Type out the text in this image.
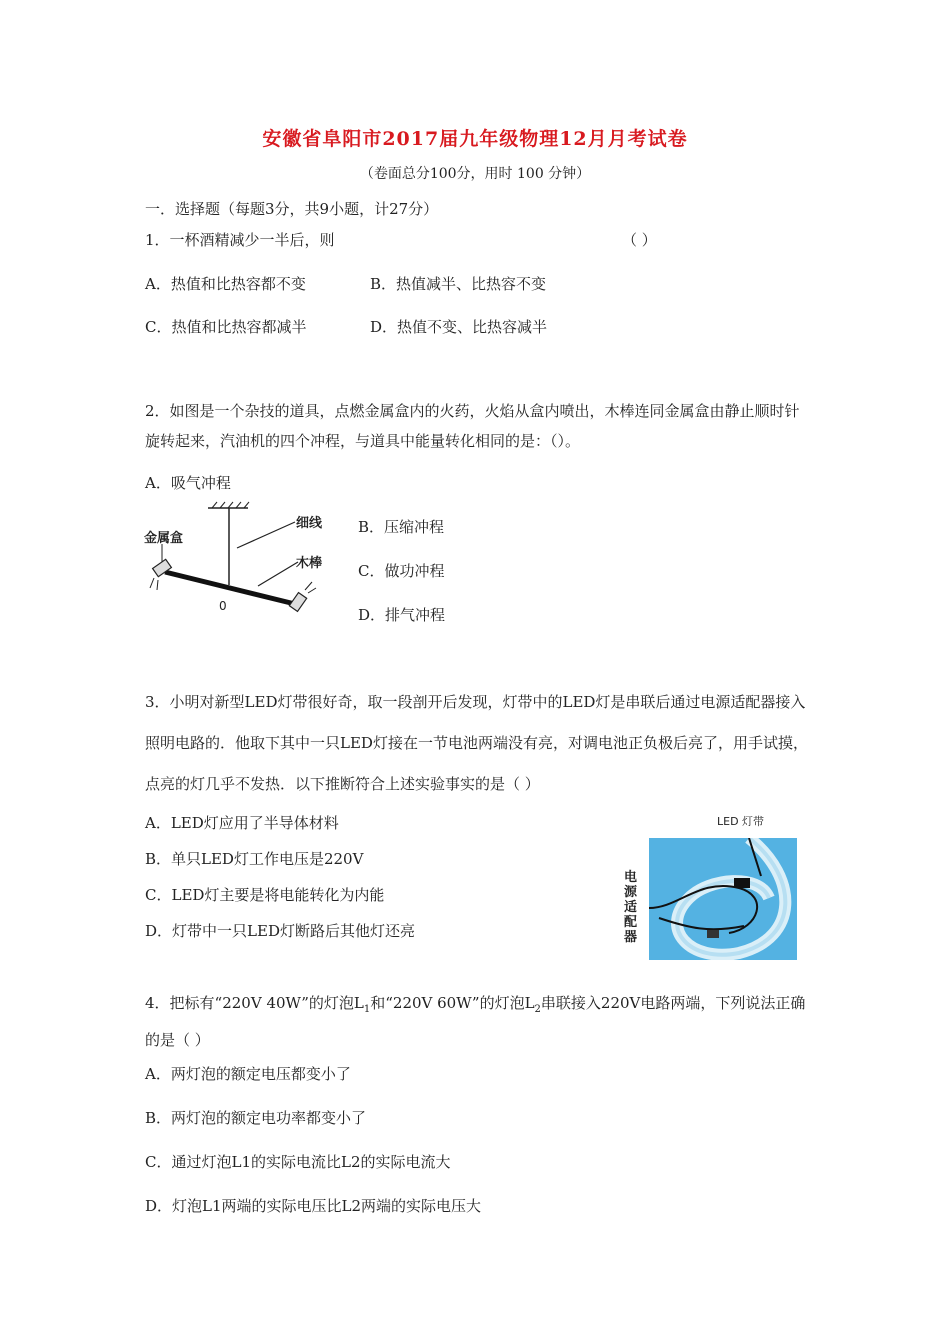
安徽省阜阳市2017届九年级物理12月月考试卷
（卷面总分100分，用时 100 分钟）
一．选择题（每题3分，共9小题，计27分）
1．一杯酒精减少一半后，则	（ ）
A．热值和比热容都不变	B．热值减半、比热容不变
C．热值和比热容都减半	D．热值不变、比热容减半
2．如图是一个杂技的道具，点燃金属盒内的火药，火焰从盒内喷出，木棒连同金属盒由静止顺时针旋转起来，汽油机的四个冲程，与道具中能量转化相同的是：（）。
A．吸气冲程
B．压缩冲程
C．做功冲程
D．排气冲程
金属盒
细线
木棒
0
3．小明对新型LED灯带很好奇，取一段剖开后发现，灯带中的LED灯是串联后通过电源适配器接入照明电路的．他取下其中一只LED灯接在一节电池两端没有亮，对调电池正负极后亮了，用手试摸，点亮的灯几乎不发热．以下推断符合上述实验事实的是（ ）
A．LED灯应用了半导体材料
B．单只LED灯工作电压是220V
C．LED灯主要是将电能转化为内能
D．灯带中一只LED灯断路后其他灯还亮
LED 灯带
电源适配器
4．把标有“220V 40W”的灯泡$L_1$和“220V 60W”的灯泡$L_2$串联接入220V电路两端，下列说法正确的是（ ）
A．两灯泡的额定电压都变小了
B．两灯泡的额定电功率都变小了
C．通过灯泡L1的实际电流比L2的实际电流大
D．灯泡L1两端的实际电压比L2两端的实际电压大
